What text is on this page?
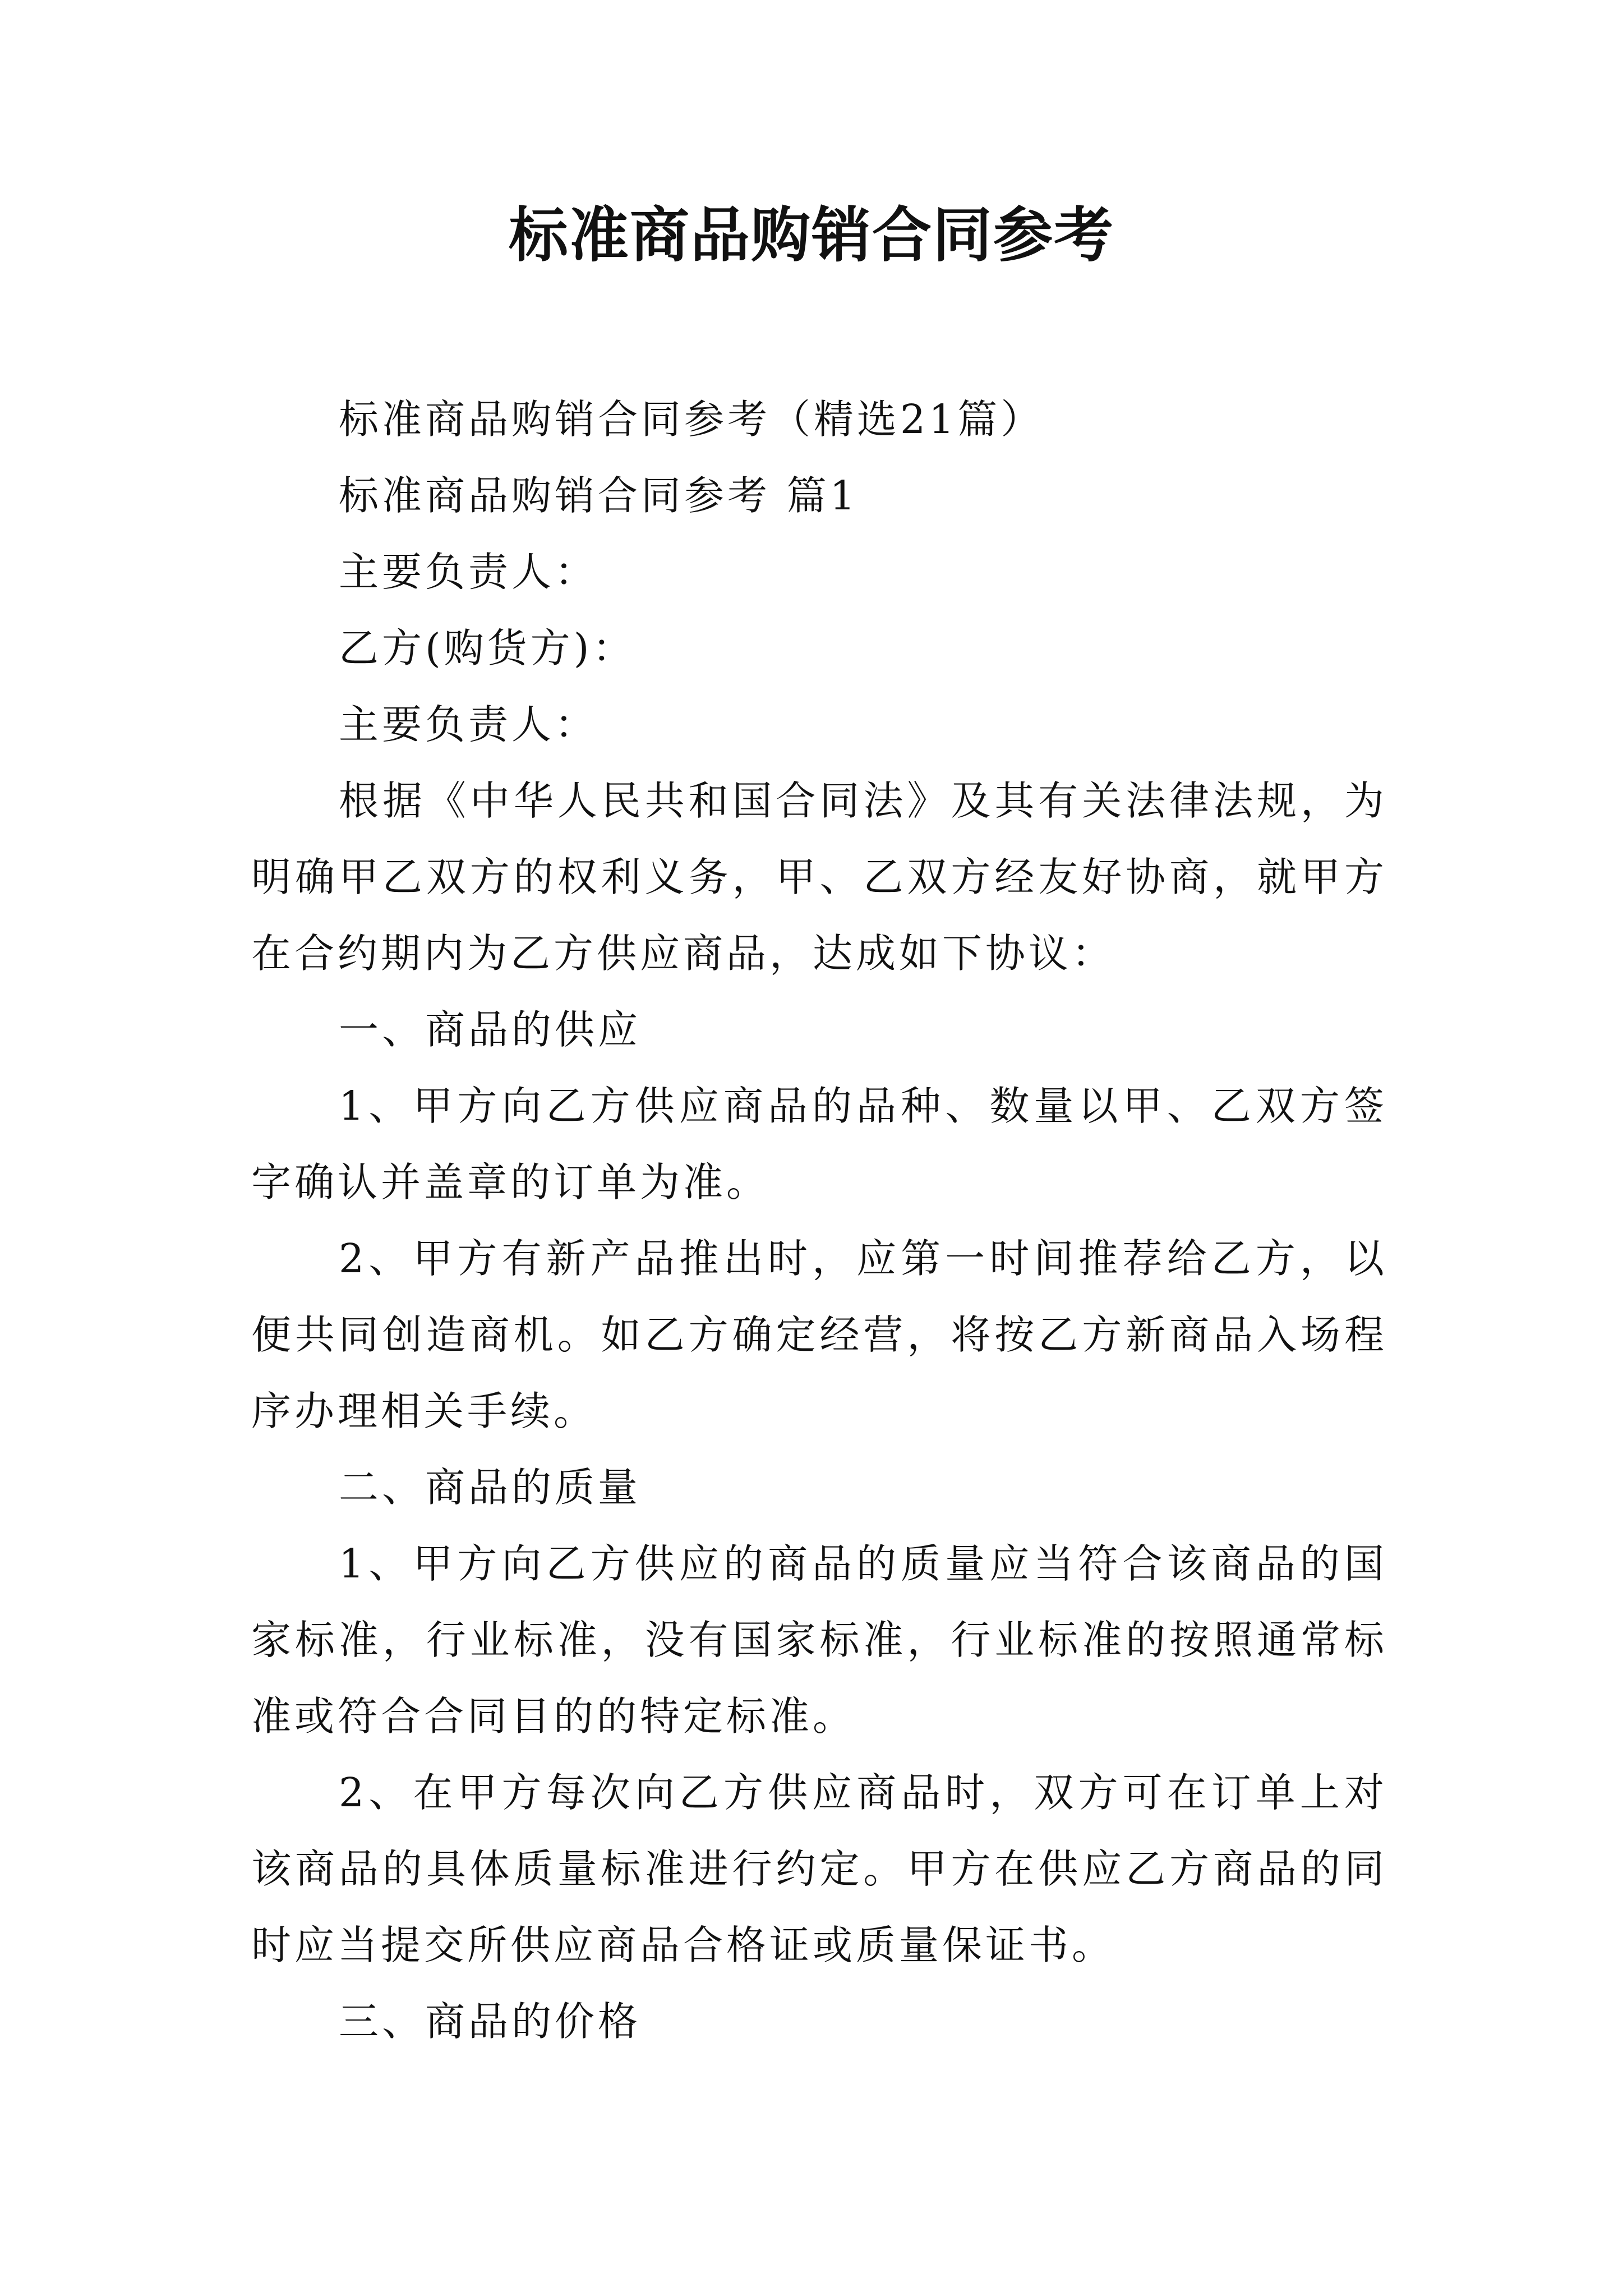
标准商品购销合同参考

标准商品购销合同参考（精选21篇）

标准商品购销合同参考 篇1

主要负责人：

乙方(购货方)：

主要负责人：

根据《中华人民共和国合同法》及其有关法律法规，为明确甲乙双方的权利义务，甲、乙双方经友好协商，就甲方在合约期内为乙方供应商品，达成如下协议：

一、商品的供应

1、甲方向乙方供应商品的品种、数量以甲、乙双方签字确认并盖章的订单为准。

2、甲方有新产品推出时，应第一时间推荐给乙方，以便共同创造商机。如乙方确定经营，将按乙方新商品入场程序办理相关手续。

二、商品的质量

1、甲方向乙方供应的商品的质量应当符合该商品的国家标准，行业标准，没有国家标准，行业标准的按照通常标准或符合合同目的的特定标准。

2、在甲方每次向乙方供应商品时，双方可在订单上对该商品的具体质量标准进行约定。甲方在供应乙方商品的同时应当提交所供应商品合格证或质量保证书。

三、商品的价格
